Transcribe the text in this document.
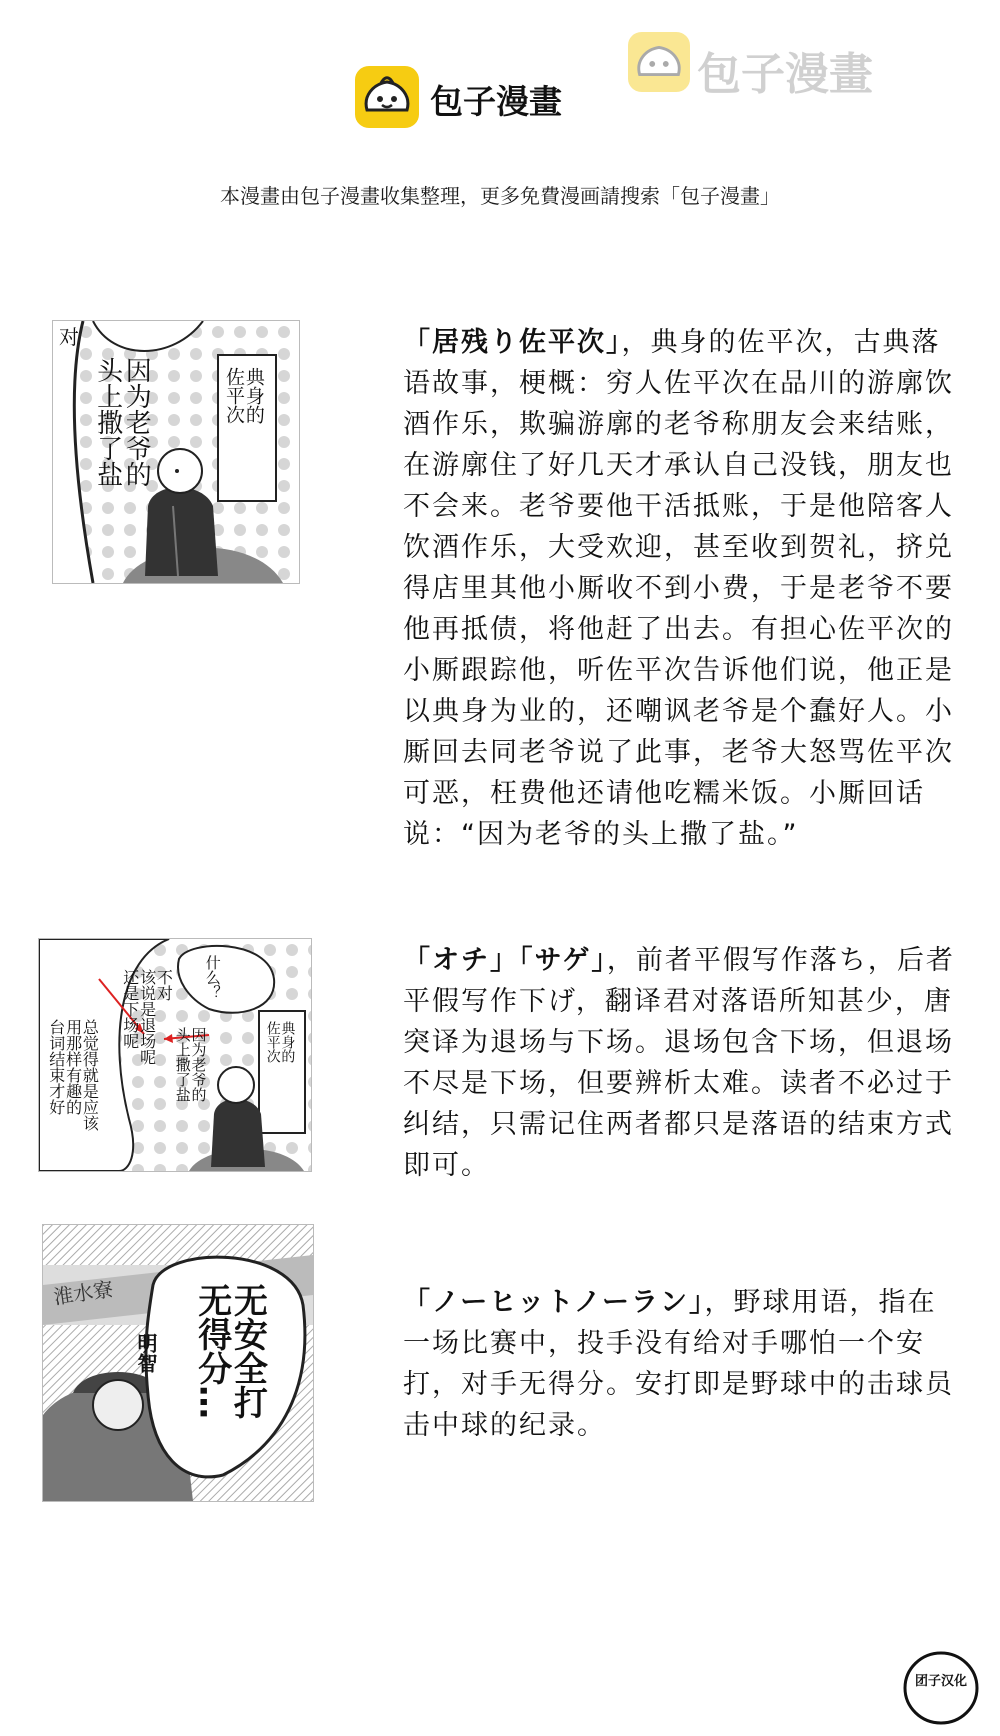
包子漫畫
包子漫畫
本漫畫由包子漫畫收集整理，更多免費漫画請搜索「包子漫畫」
典身的
佐平次
因为老爷的
头上撒了盐
对	「居残り佐平次」，典身的佐平次，古典落语故事，梗概：穷人佐平次在品川的游廓饮酒作乐，欺骗游廓的老爷称朋友会来结账，在游廓住了好几天才承认自己没钱，朋友也不会来。老爷要他干活抵账，于是他陪客人饮酒作乐，大受欢迎，甚至收到贺礼，挤兑得店里其他小厮收不到小费，于是老爷不要他再抵债，将他赶了出去。有担心佐平次的小厮跟踪他，听佐平次告诉他们说，他正是以典身为业的，还嘲讽老爷是个蠢好人。小厮回去同老爷说了此事，老爷大怒骂佐平次可恶，枉费他还请他吃糯米饭。小厮回话说：“因为老爷的头上撒了盐。”
什么？
不对
该说是退场呢
还是下场呢
总觉得就是应该
用那样有趣的
台词结束才好	典身的
佐平次
因为老爷的
头上撒了盐
「オチ」「サゲ」，前者平假写作落ち，后者平假写作下げ，翻译君对落语所知甚少，唐突译为退场与下场。退场包含下场，但退场不尽是下场，但要辨析太难。读者不必过于纠结，只需记住两者都只是落语的结束方式即可。
无安全打
无得分…
明智
淮水寮	「ノーヒットノーラン」，野球用语，指在一场比赛中，投手没有给对手哪怕一个安打，对手无得分。安打即是野球中的击球员击中球的纪录。
团子汉化
